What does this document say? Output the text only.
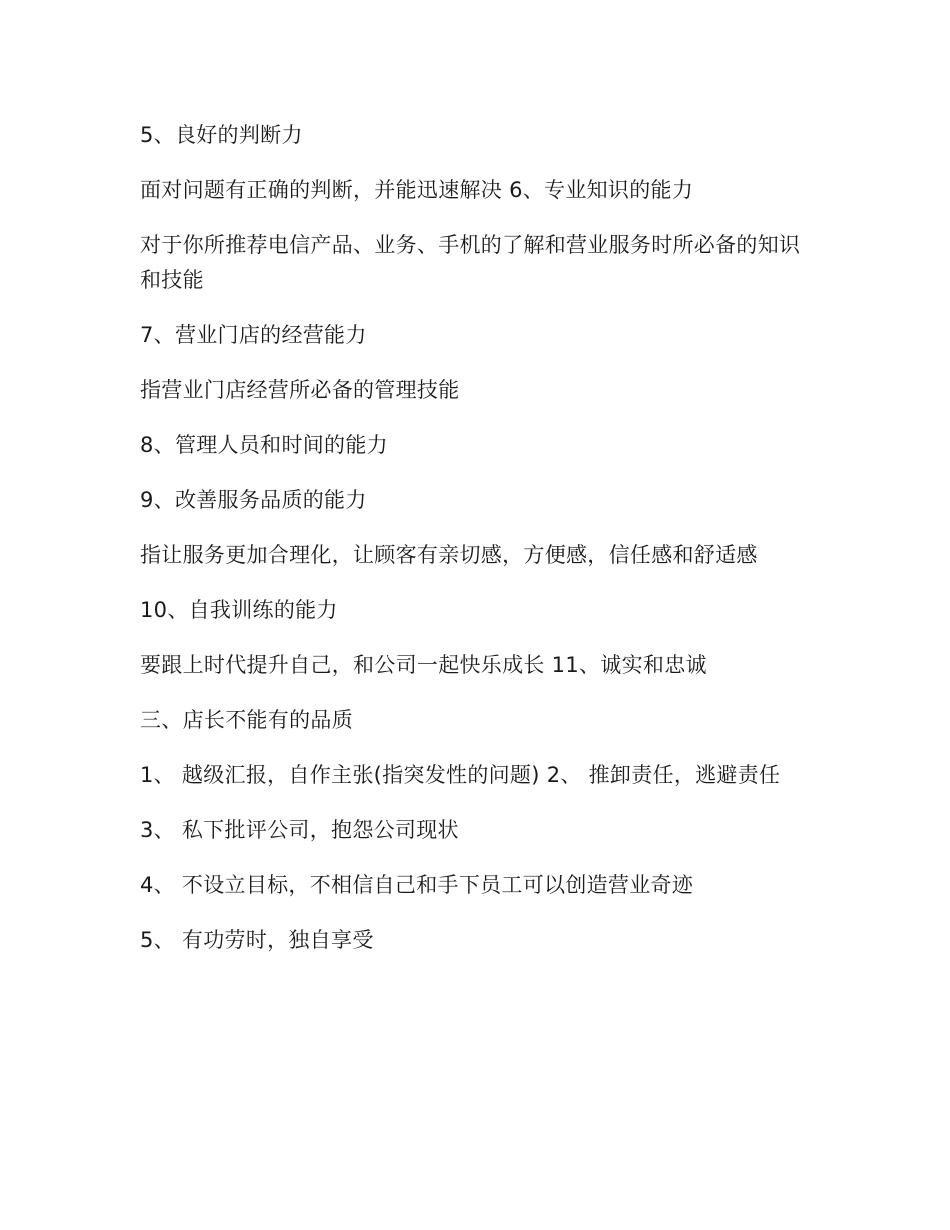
5、良好的判断力

面对问题有正确的判断，并能迅速解决 6、专业知识的能力

对于你所推荐电信产品、业务、手机的了解和营业服务时所必备的知识和技能

7、营业门店的经营能力

指营业门店经营所必备的管理技能

8、管理人员和时间的能力

9、改善服务品质的能力

指让服务更加合理化，让顾客有亲切感，方便感，信任感和舒适感

10、自我训练的能力

要跟上时代提升自己，和公司一起快乐成长 11、诚实和忠诚

三、店长不能有的品质

1、 越级汇报，自作主张(指突发性的问题) 2、 推卸责任，逃避责任

3、 私下批评公司，抱怨公司现状

4、 不设立目标，不相信自己和手下员工可以创造营业奇迹

5、 有功劳时，独自享受
